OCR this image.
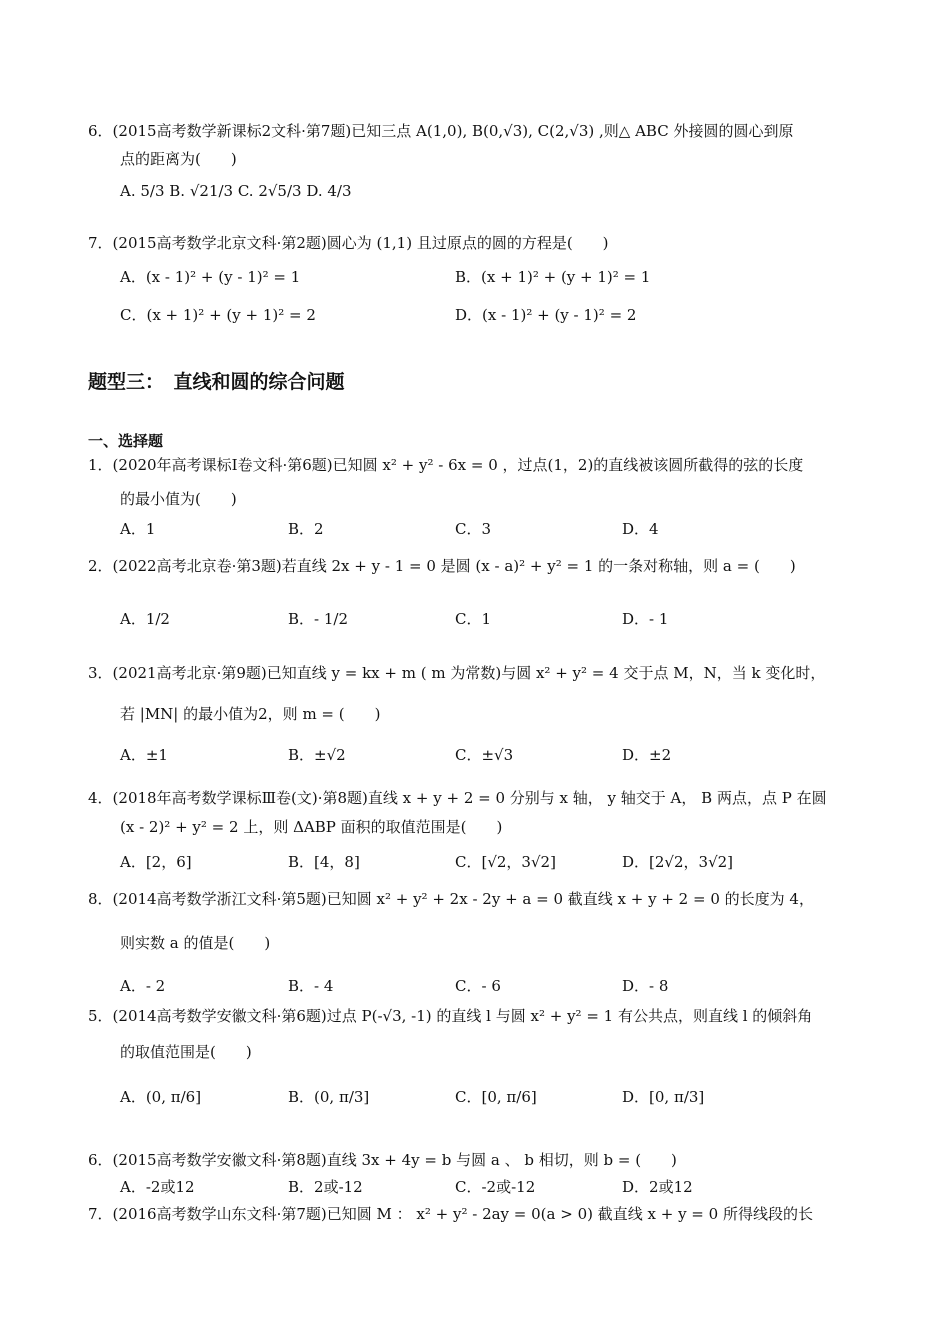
6．(2015高考数学新课标2文科·第7题)已知三点 A(1,0), B(0,√3), C(2,√3) ,则△ ABC 外接圆的圆心到原
点的距离为(　　)
A. 5/3 B. √21/3 C. 2√5/3 D. 4/3
7．(2015高考数学北京文科·第2题)圆心为 (1,1) 且过原点的圆的方程是(　　)
A．(x - 1)² + (y - 1)² = 1	B．(x + 1)² + (y + 1)² = 1
C．(x + 1)² + (y + 1)² = 2	D．(x - 1)² + (y - 1)² = 2
题型三：　直线和圆的综合问题
一、选择题
1．(2020年高考课标Ⅰ卷文科·第6题)已知圆 x² + y² - 6x = 0 ，过点(1，2)的直线被该圆所截得的弦的长度
的最小值为(　　)
A．1	B．2	C．3	D．4
2．(2022高考北京卷·第3题)若直线 2x + y - 1 = 0 是圆 (x - a)² + y² = 1 的一条对称轴，则 a = (　　)
A．1/2	B．- 1/2	C．1	D．- 1
3．(2021高考北京·第9题)已知直线 y = kx + m ( m 为常数)与圆 x² + y² = 4 交于点 M，N，当 k 变化时，
若 |MN| 的最小值为2，则 m = (　　)
A．±1	B．±√2	C．±√3	D．±2
4．(2018年高考数学课标Ⅲ卷(文)·第8题)直线 x + y + 2 = 0 分别与 x 轴， y 轴交于 A， B 两点，点 P 在圆
(x - 2)² + y² = 2 上，则 ΔABP 面积的取值范围是(　　)
A．[2，6]	B．[4，8]	C．[√2，3√2]	D．[2√2，3√2]
8．(2014高考数学浙江文科·第5题)已知圆 x² + y² + 2x - 2y + a = 0 截直线 x + y + 2 = 0 的长度为 4，
则实数 a 的值是(　　)
A．- 2	B．- 4	C．- 6	D．- 8
5．(2014高考数学安徽文科·第6题)过点 P(-√3, -1) 的直线 l 与圆 x² + y² = 1 有公共点，则直线 l 的倾斜角
的取值范围是(　　)
A．(0, π/6]	B．(0, π/3]	C．[0, π/6]	D．[0, π/3]
6．(2015高考数学安徽文科·第8题)直线 3x + 4y = b 与圆 a 、 b 相切，则 b = (　　)
A．-2或12	B．2或-12	C．-2或-12	D．2或12
7．(2016高考数学山东文科·第7题)已知圆 M ： x² + y² - 2ay = 0(a > 0) 截直线 x + y = 0 所得线段的长
